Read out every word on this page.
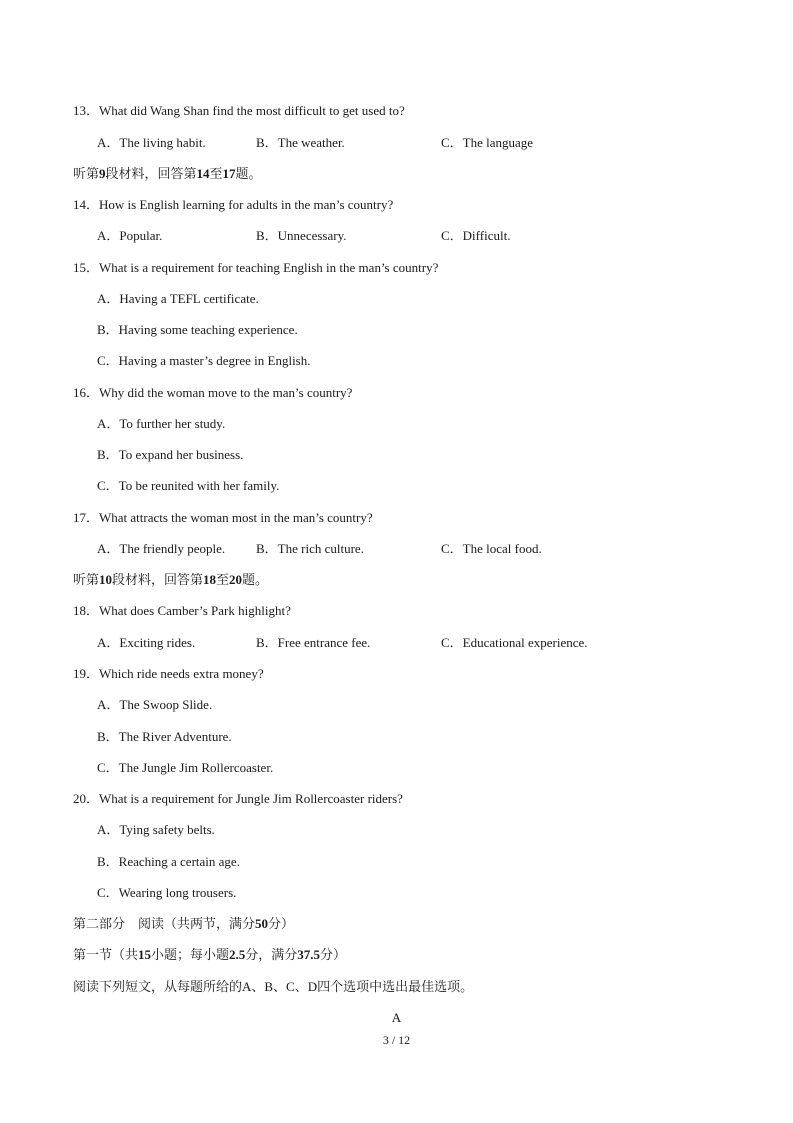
13．What did Wang Shan find the most difficult to get used to?
A．The living habit.	B．The weather.	C．The language
听第9段材料，回答第14至17题。
14．How is English learning for adults in the man’s country?
A．Popular.	B．Unnecessary.	C．Difficult.
15．What is a requirement for teaching English in the man’s country?
A．Having a TEFL certificate.
B．Having some teaching experience.
C．Having a master’s degree in English.
16．Why did the woman move to the man’s country?
A．To further her study.
B．To expand her business.
C．To be reunited with her family.
17．What attracts the woman most in the man’s country?
A．The friendly people. B．The rich culture.	C．The local food.
听第10段材料，回答第18至20题。
18．What does Camber’s Park highlight?
A．Exciting rides.	B．Free entrance fee.	C．Educational experience.
19．Which ride needs extra money?
A．The Swoop Slide.
B．The River Adventure.
C．The Jungle Jim Rollercoaster.
20．What is a requirement for Jungle Jim Rollercoaster riders?
A．Tying safety belts.
B．Reaching a certain age.
C．Wearing long trousers.
第二部分　阅读（共两节，满分50分）
第一节（共15小题；每小题2.5分，满分37.5分）
阅读下列短文，从每题所给的A、B、C、D四个选项中选出最佳选项。
A
3 / 12
